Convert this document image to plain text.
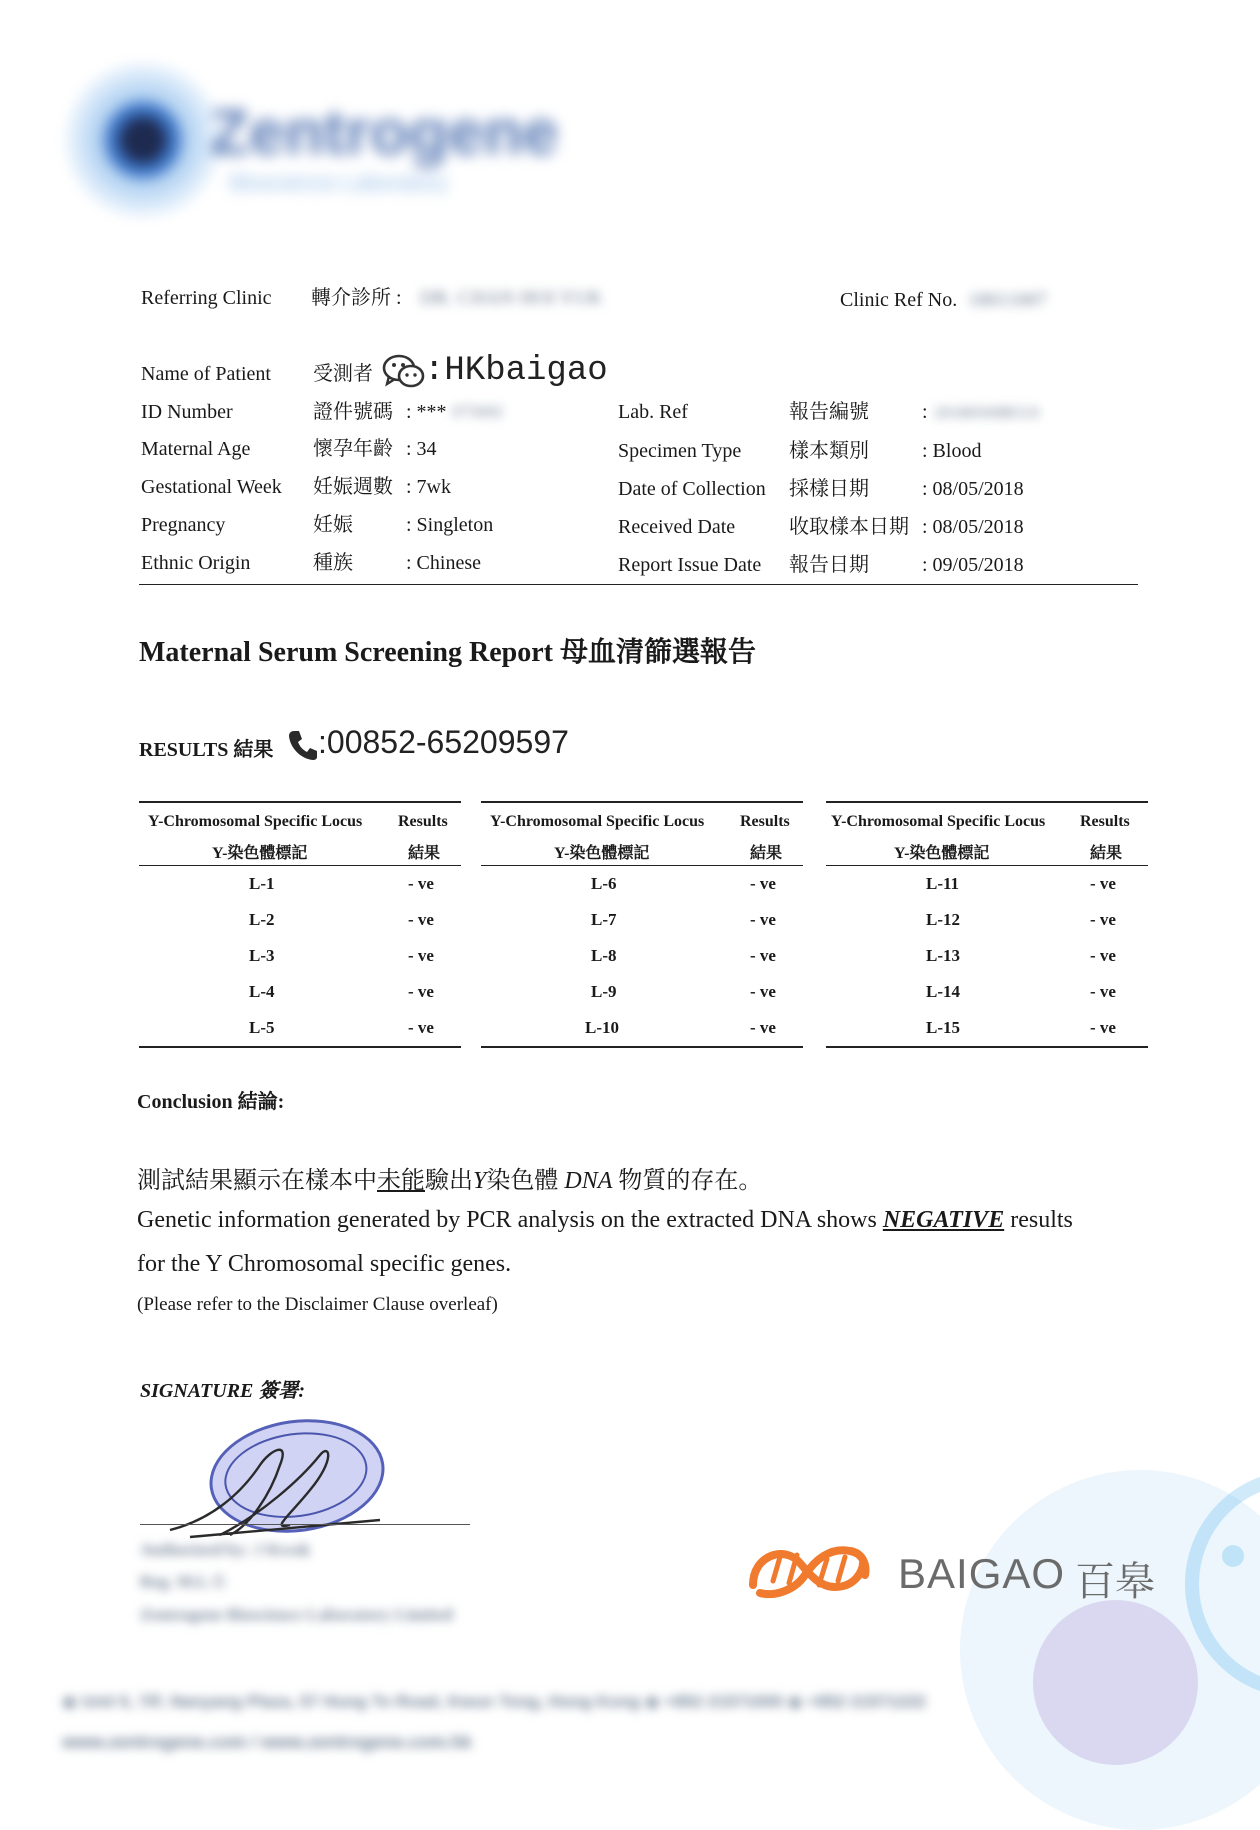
Zentrogene
Bioscience Laboratory
Referring Clinic 轉介診所 : DR. CHAN HOI YUK	Clinic Ref No. 18011007
Name of Patient 受測者 :HKbaigao
ID Number	證件號碼 : *** 075692
Maternal Age	懷孕年齡 : 34
Gestational Week 妊娠週數 : 7wk
Pregnancy	妊娠	: Singleton
Ethnic Origin	種族	: Chinese
Lab. Ref	報告編號	: 20180509B519
Specimen Type 樣本類別	: Blood
Date of Collection 採樣日期	: 08/05/2018
Received Date	收取樣本日期 : 08/05/2018
Report Issue Date 報告日期	: 09/05/2018
Maternal Serum Screening Report 母血清篩選報告
RESULTS 結果 :00852-65209597
Y-Chromosomal Specific Locus Results
Y-染色體標記	結果
L-1	- ve
L-2	- ve
L-3	- ve
L-4	- ve
L-5	- ve
Y-Chromosomal Specific Locus Results
Y-染色體標記	結果
L-6	- ve
L-7	- ve
L-8	- ve
L-9	- ve
L-10	- ve
Y-Chromosomal Specific Locus Results
Y-染色體標記	結果
L-11	- ve
L-12	- ve
L-13	- ve
L-14	- ve
L-15	- ve
Conclusion 結論:
測試結果顯示在樣本中未能驗出Y染色體 DNA 物質的存在。
Genetic information generated by PCR analysis on the extracted DNA shows NEGATIVE results
for the Y Chromosomal specific genes.
(Please refer to the Disclaimer Clause overleaf)
SIGNATURE 簽署:
Authorized by: J Kwok
Reg. M.L.T.
Zentrogene Bioscience Laboratory Limited
BAIGAO 百皋
◉ Unit 5, 7/F, Nanyang Plaza, 57 Hung To Road, Kwun Tong, Hong Kong ◉ +852 21571000 ◉ +852 21571222
www.zentrogene.com / www.zentrogene.com.hk
